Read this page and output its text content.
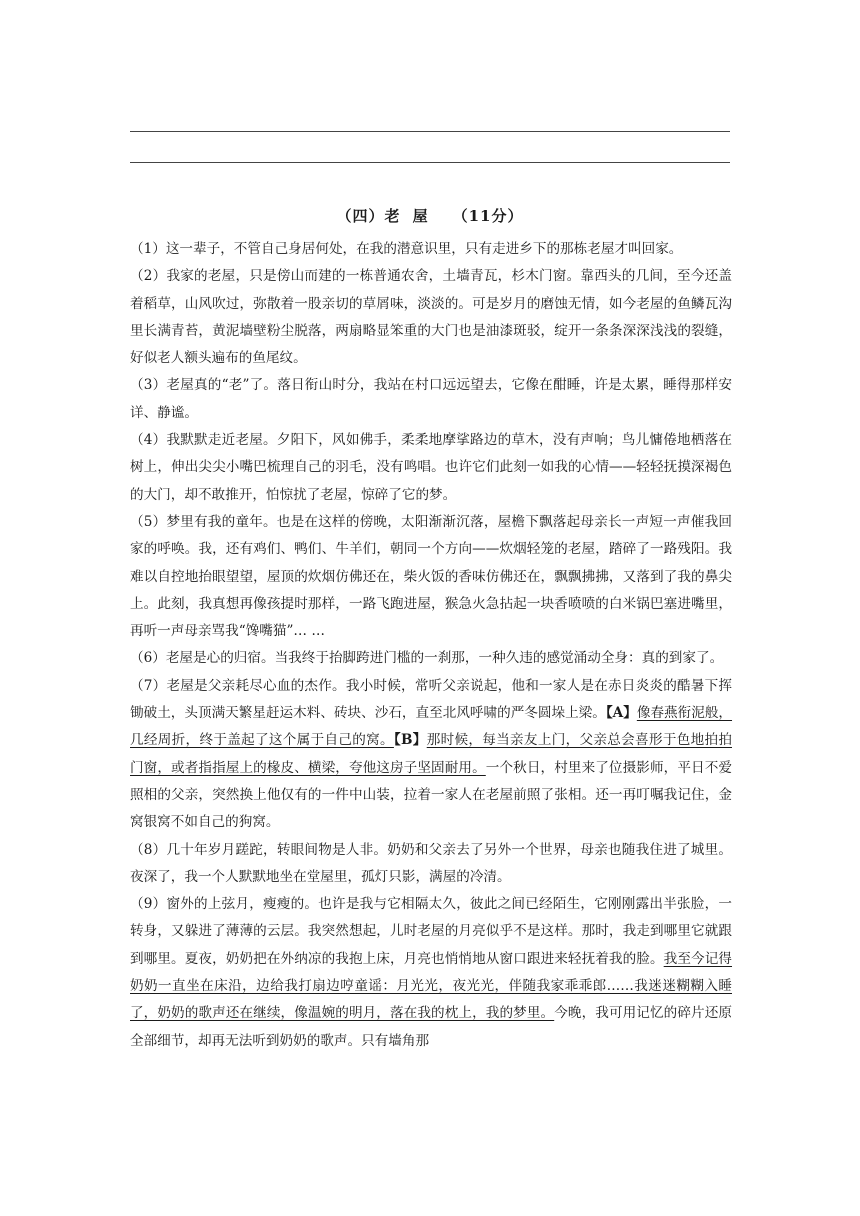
（四）老 屋 （11分）

（1）这一辈子，不管自己身居何处，在我的潜意识里，只有走进乡下的那栋老屋才叫回家。

（2）我家的老屋，只是傍山而建的一栋普通农舍，土墙青瓦，杉木门窗。靠西头的几间，至今还盖着稻草，山风吹过，弥散着一股亲切的草屑味，淡淡的。可是岁月的磨蚀无情，如今老屋的鱼鳞瓦沟里长满青苔，黄泥墙壁粉尘脱落，两扇略显笨重的大门也是油漆斑驳，绽开一条条深深浅浅的裂缝，好似老人额头遍布的鱼尾纹。

（3）老屋真的“老”了。落日衔山时分，我站在村口远远望去，它像在酣睡，许是太累，睡得那样安详、静谧。

（4）我默默走近老屋。夕阳下，风如佛手，柔柔地摩挲路边的草木，没有声响；鸟儿慵倦地栖落在树上，伸出尖尖小嘴巴梳理自己的羽毛，没有鸣唱。也许它们此刻一如我的心情——轻轻抚摸深褐色的大门，却不敢推开，怕惊扰了老屋，惊碎了它的梦。

（5）梦里有我的童年。也是在这样的傍晚，太阳渐渐沉落，屋檐下飘落起母亲长一声短一声催我回家的呼唤。我，还有鸡们、鸭们、牛羊们，朝同一个方向——炊烟轻笼的老屋，踏碎了一路残阳。我难以自控地抬眼望望，屋顶的炊烟仿佛还在，柴火饭的香味仿佛还在，飘飘拂拂，又落到了我的鼻尖上。此刻，我真想再像孩提时那样，一路飞跑进屋，猴急火急拈起一块香喷喷的白米锅巴塞进嘴里，再听一声母亲骂我“馋嘴猫”… …

（6）老屋是心的归宿。当我终于抬脚跨进门槛的一刹那，一种久违的感觉涌动全身：真的到家了。

（7）老屋是父亲耗尽心血的杰作。我小时候，常听父亲说起，他和一家人是在赤日炎炎的酷暑下挥锄破土，头顶满天繁星赶运木料、砖块、沙石，直至北风呼啸的严冬圆垛上梁。【A】像春燕衔泥般，几经周折，终于盖起了这个属于自己的窝。【B】那时候，每当亲友上门，父亲总会喜形于色地拍拍门窗，或者指指屋上的椽皮、横梁，夸他这房子坚固耐用。一个秋日，村里来了位摄影师，平日不爱照相的父亲，突然换上他仅有的一件中山装，拉着一家人在老屋前照了张相。还一再叮嘱我记住，金窝银窝不如自己的狗窝。

（8）几十年岁月蹉跎，转眼间物是人非。奶奶和父亲去了另外一个世界，母亲也随我住进了城里。夜深了，我一个人默默地坐在堂屋里，孤灯只影，满屋的冷清。

（9）窗外的上弦月，瘦瘦的。也许是我与它相隔太久，彼此之间已经陌生，它刚刚露出半张脸，一转身，又躲进了薄薄的云层。我突然想起，儿时老屋的月亮似乎不是这样。那时，我走到哪里它就跟到哪里。夏夜，奶奶把在外纳凉的我抱上床，月亮也悄悄地从窗口跟进来轻抚着我的脸。我至今记得奶奶一直坐在床沿，边给我打扇边哼童谣：月光光，夜光光，伴随我家乖乖郎……我迷迷糊糊入睡了，奶奶的歌声还在继续，像温婉的明月，落在我的枕上，我的梦里。今晚，我可用记忆的碎片还原全部细节，却再无法听到奶奶的歌声。只有墙角那
